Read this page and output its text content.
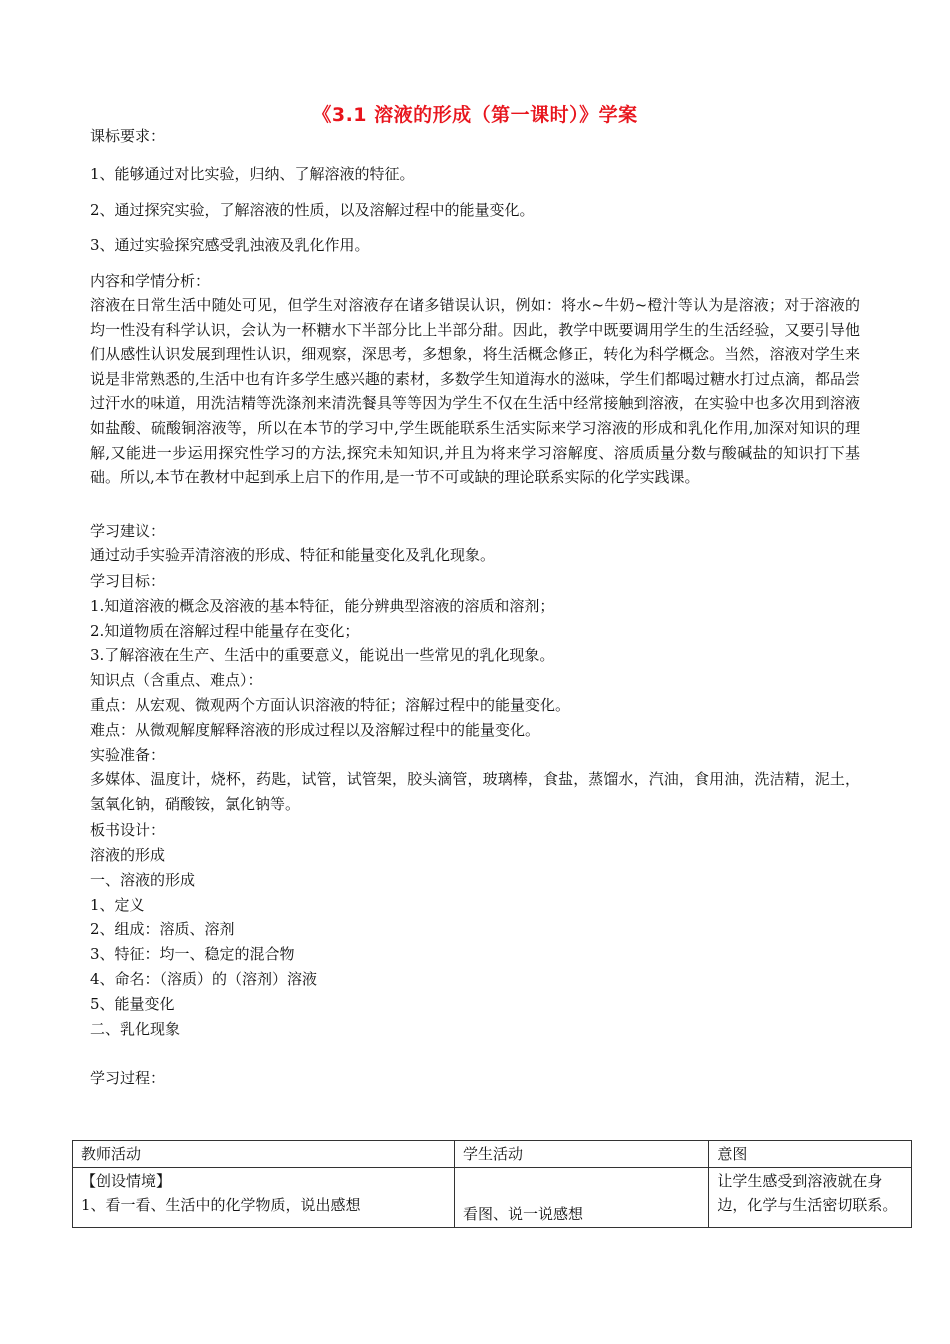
《3.1 溶液的形成（第一课时）》学案
课标要求：
1、能够通过对比实验，归纳、了解溶液的特征。
2、通过探究实验，了解溶液的性质，以及溶解过程中的能量变化。
3、通过实验探究感受乳浊液及乳化作用。
内容和学情分析：
溶液在日常生活中随处可见，但学生对溶液存在诸多错误认识，例如：将水~牛奶~橙汁等认为是溶液；对于溶液的均一性没有科学认识，会认为一杯糖水下半部分比上半部分甜。因此，教学中既要调用学生的生活经验，又要引导他们从感性认识发展到理性认识，细观察，深思考，多想象，将生活概念修正，转化为科学概念。当然，溶液对学生来说是非常熟悉的,生活中也有许多学生感兴趣的素材，多数学生知道海水的滋味，学生们都喝过糖水打过点滴，都品尝过汗水的味道，用洗洁精等洗涤剂来清洗餐具等等因为学生不仅在生活中经常接触到溶液，在实验中也多次用到溶液如盐酸、硫酸铜溶液等，所以在本节的学习中,学生既能联系生活实际来学习溶液的形成和乳化作用,加深对知识的理解,又能进一步运用探究性学习的方法,探究未知知识,并且为将来学习溶解度、溶质质量分数与酸碱盐的知识打下基础。所以,本节在教材中起到承上启下的作用,是一节不可或缺的理论联系实际的化学实践课。
学习建议：
通过动手实验弄清溶液的形成、特征和能量变化及乳化现象。
学习目标：
1.知道溶液的概念及溶液的基本特征，能分辨典型溶液的溶质和溶剂；
2.知道物质在溶解过程中能量存在变化；
3.了解溶液在生产、生活中的重要意义，能说出一些常见的乳化现象。
知识点（含重点、难点）：
重点：从宏观、微观两个方面认识溶液的特征；溶解过程中的能量变化。
难点：从微观解度解释溶液的形成过程以及溶解过程中的能量变化。
实验准备：
多媒体、温度计，烧杯，药匙，试管，试管架，胶头滴管，玻璃棒，食盐，蒸馏水，汽油，食用油，洗洁精，泥土，氢氧化钠，硝酸铵，氯化钠等。
板书设计：
溶液的形成
一、溶液的形成
1、定义
2、组成：溶质、溶剂
3、特征：均一、稳定的混合物
4、命名：（溶质）的（溶剂）溶液
5、能量变化
二、乳化现象
学习过程：
教师活动	学生活动	意图

【创设情境】
1、看一看、生活中的化学物质，说出感想	看图、说一说感想	让学生感受到溶液就在身边，化学与生活密切联系。
